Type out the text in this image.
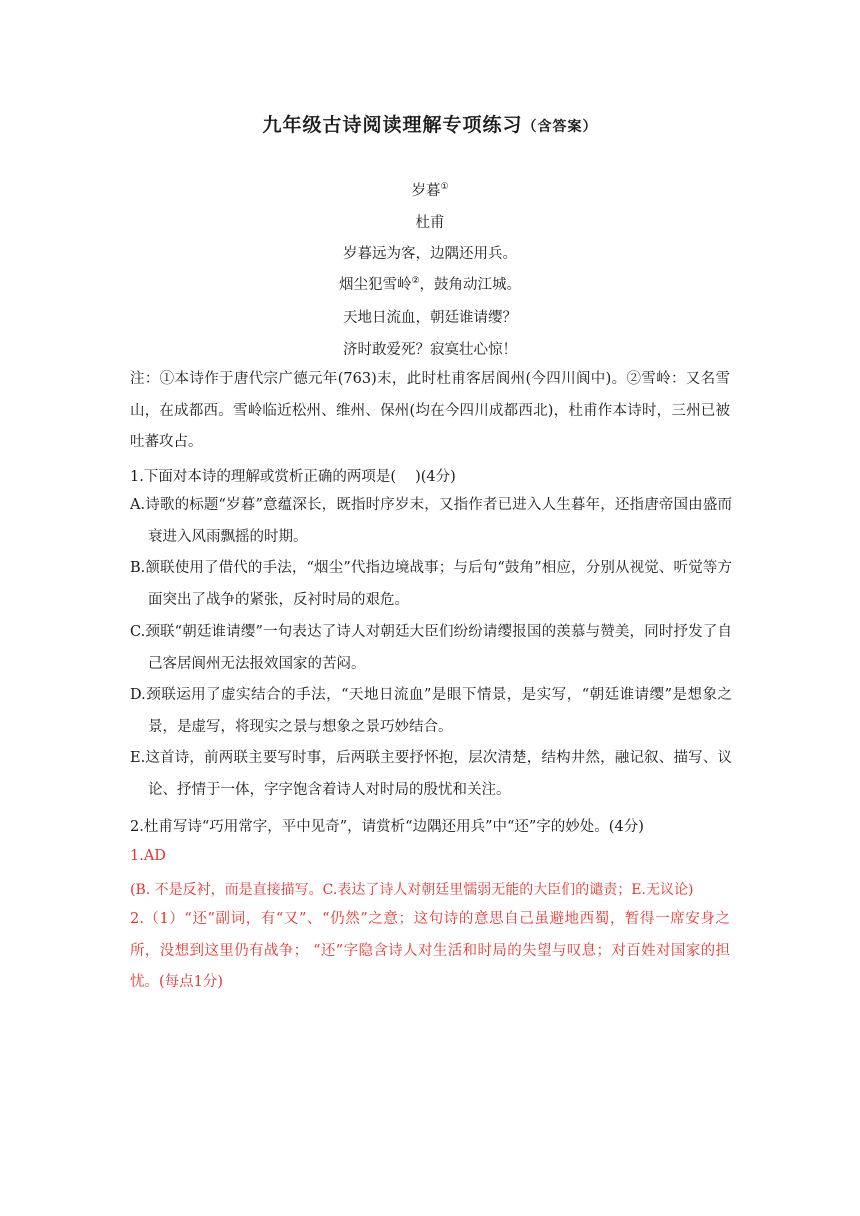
九年级古诗阅读理解专项练习（含答案）
岁暮①
杜甫
岁暮远为客，边隅还用兵。
烟尘犯雪岭②，鼓角动江城。
天地日流血，朝廷谁请缨？
济时敢爱死？寂寞壮心惊！
注：①本诗作于唐代宗广德元年(763)末，此时杜甫客居阆州(今四川阆中)。②雪岭：又名雪山，在成都西。雪岭临近松州、维州、保州(均在今四川成都西北)，杜甫作本诗时，三州已被吐蕃攻占。
1.下面对本诗的理解或赏析正确的两项是(　 )(4分)
A.诗歌的标题“岁暮”意蕴深长，既指时序岁末，又指作者已进入人生暮年，还指唐帝国由盛而衰进入风雨飘摇的时期。
B.颔联使用了借代的手法，“烟尘”代指边境战事；与后句“鼓角”相应，分别从视觉、听觉等方面突出了战争的紧张，反衬时局的艰危。
C.颈联“朝廷谁请缨”一句表达了诗人对朝廷大臣们纷纷请缨报国的羡慕与赞美，同时抒发了自己客居阆州无法报效国家的苦闷。
D.颈联运用了虚实结合的手法，“天地日流血”是眼下情景，是实写，“朝廷谁请缨”是想象之景，是虚写，将现实之景与想象之景巧妙结合。
E.这首诗，前两联主要写时事，后两联主要抒怀抱，层次清楚，结构井然，融记叙、描写、议论、抒情于一体，字字饱含着诗人对时局的殷忧和关注。
2.杜甫写诗“巧用常字，平中见奇”，请赏析“边隅还用兵”中“还”字的妙处。(4分)
1.AD
(B. 不是反衬，而是直接描写。C.表达了诗人对朝廷里懦弱无能的大臣们的谴责；E.无议论)
2.（1）“还”副词，有“又”、“仍然”之意；这句诗的意思自己虽避地西蜀，暂得一席安身之所，没想到这里仍有战争； “还”字隐含诗人对生活和时局的失望与叹息；对百姓对国家的担忧。(每点1分)
